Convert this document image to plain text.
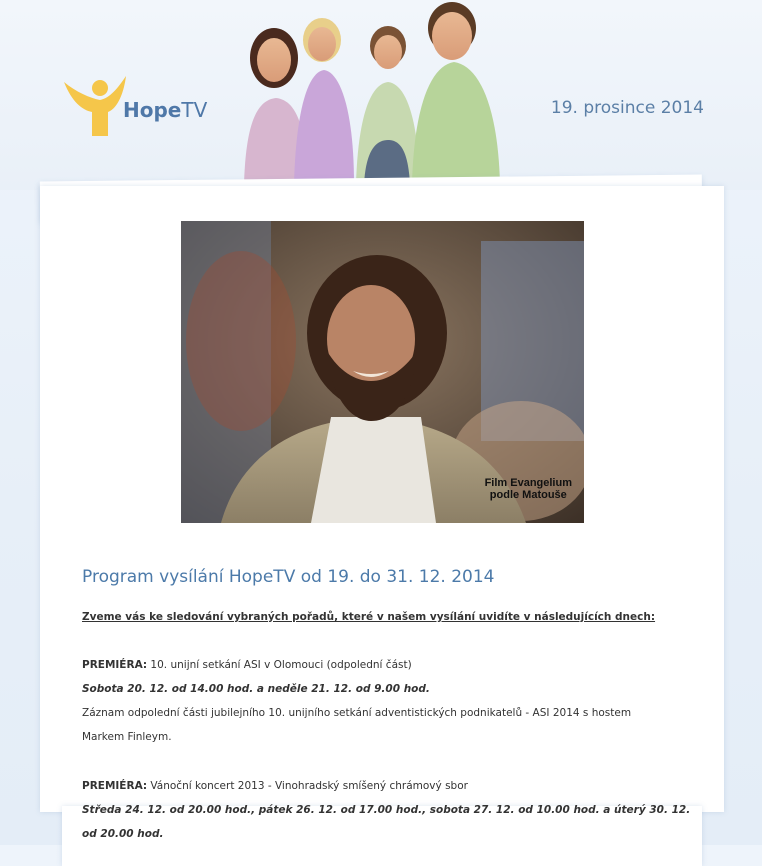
HopeTV	19. prosince 2014
Film Evangelium
podle Matouše
Program vysílání HopeTV od 19. do 31. 12. 2014
Zveme vás ke sledování vybraných pořadů, které v našem vysílání uvidíte v následujících dnech:
PREMIÉRA: 10. unijní setkání ASI v Olomouci (odpolední část)
Sobota 20. 12. od 14.00 hod. a neděle 21. 12. od 9.00 hod.
Záznam odpolední části jubilejního 10. unijního setkání adventistických podnikatelů - ASI 2014 s hostem
Markem Finleym.
PREMIÉRA: Vánoční koncert 2013 - Vinohradský smíšený chrámový sbor
Středa 24. 12. od 20.00 hod., pátek 26. 12. od 17.00 hod., sobota 27. 12. od 10.00 hod. a úterý 30. 12.
od 20.00 hod.
